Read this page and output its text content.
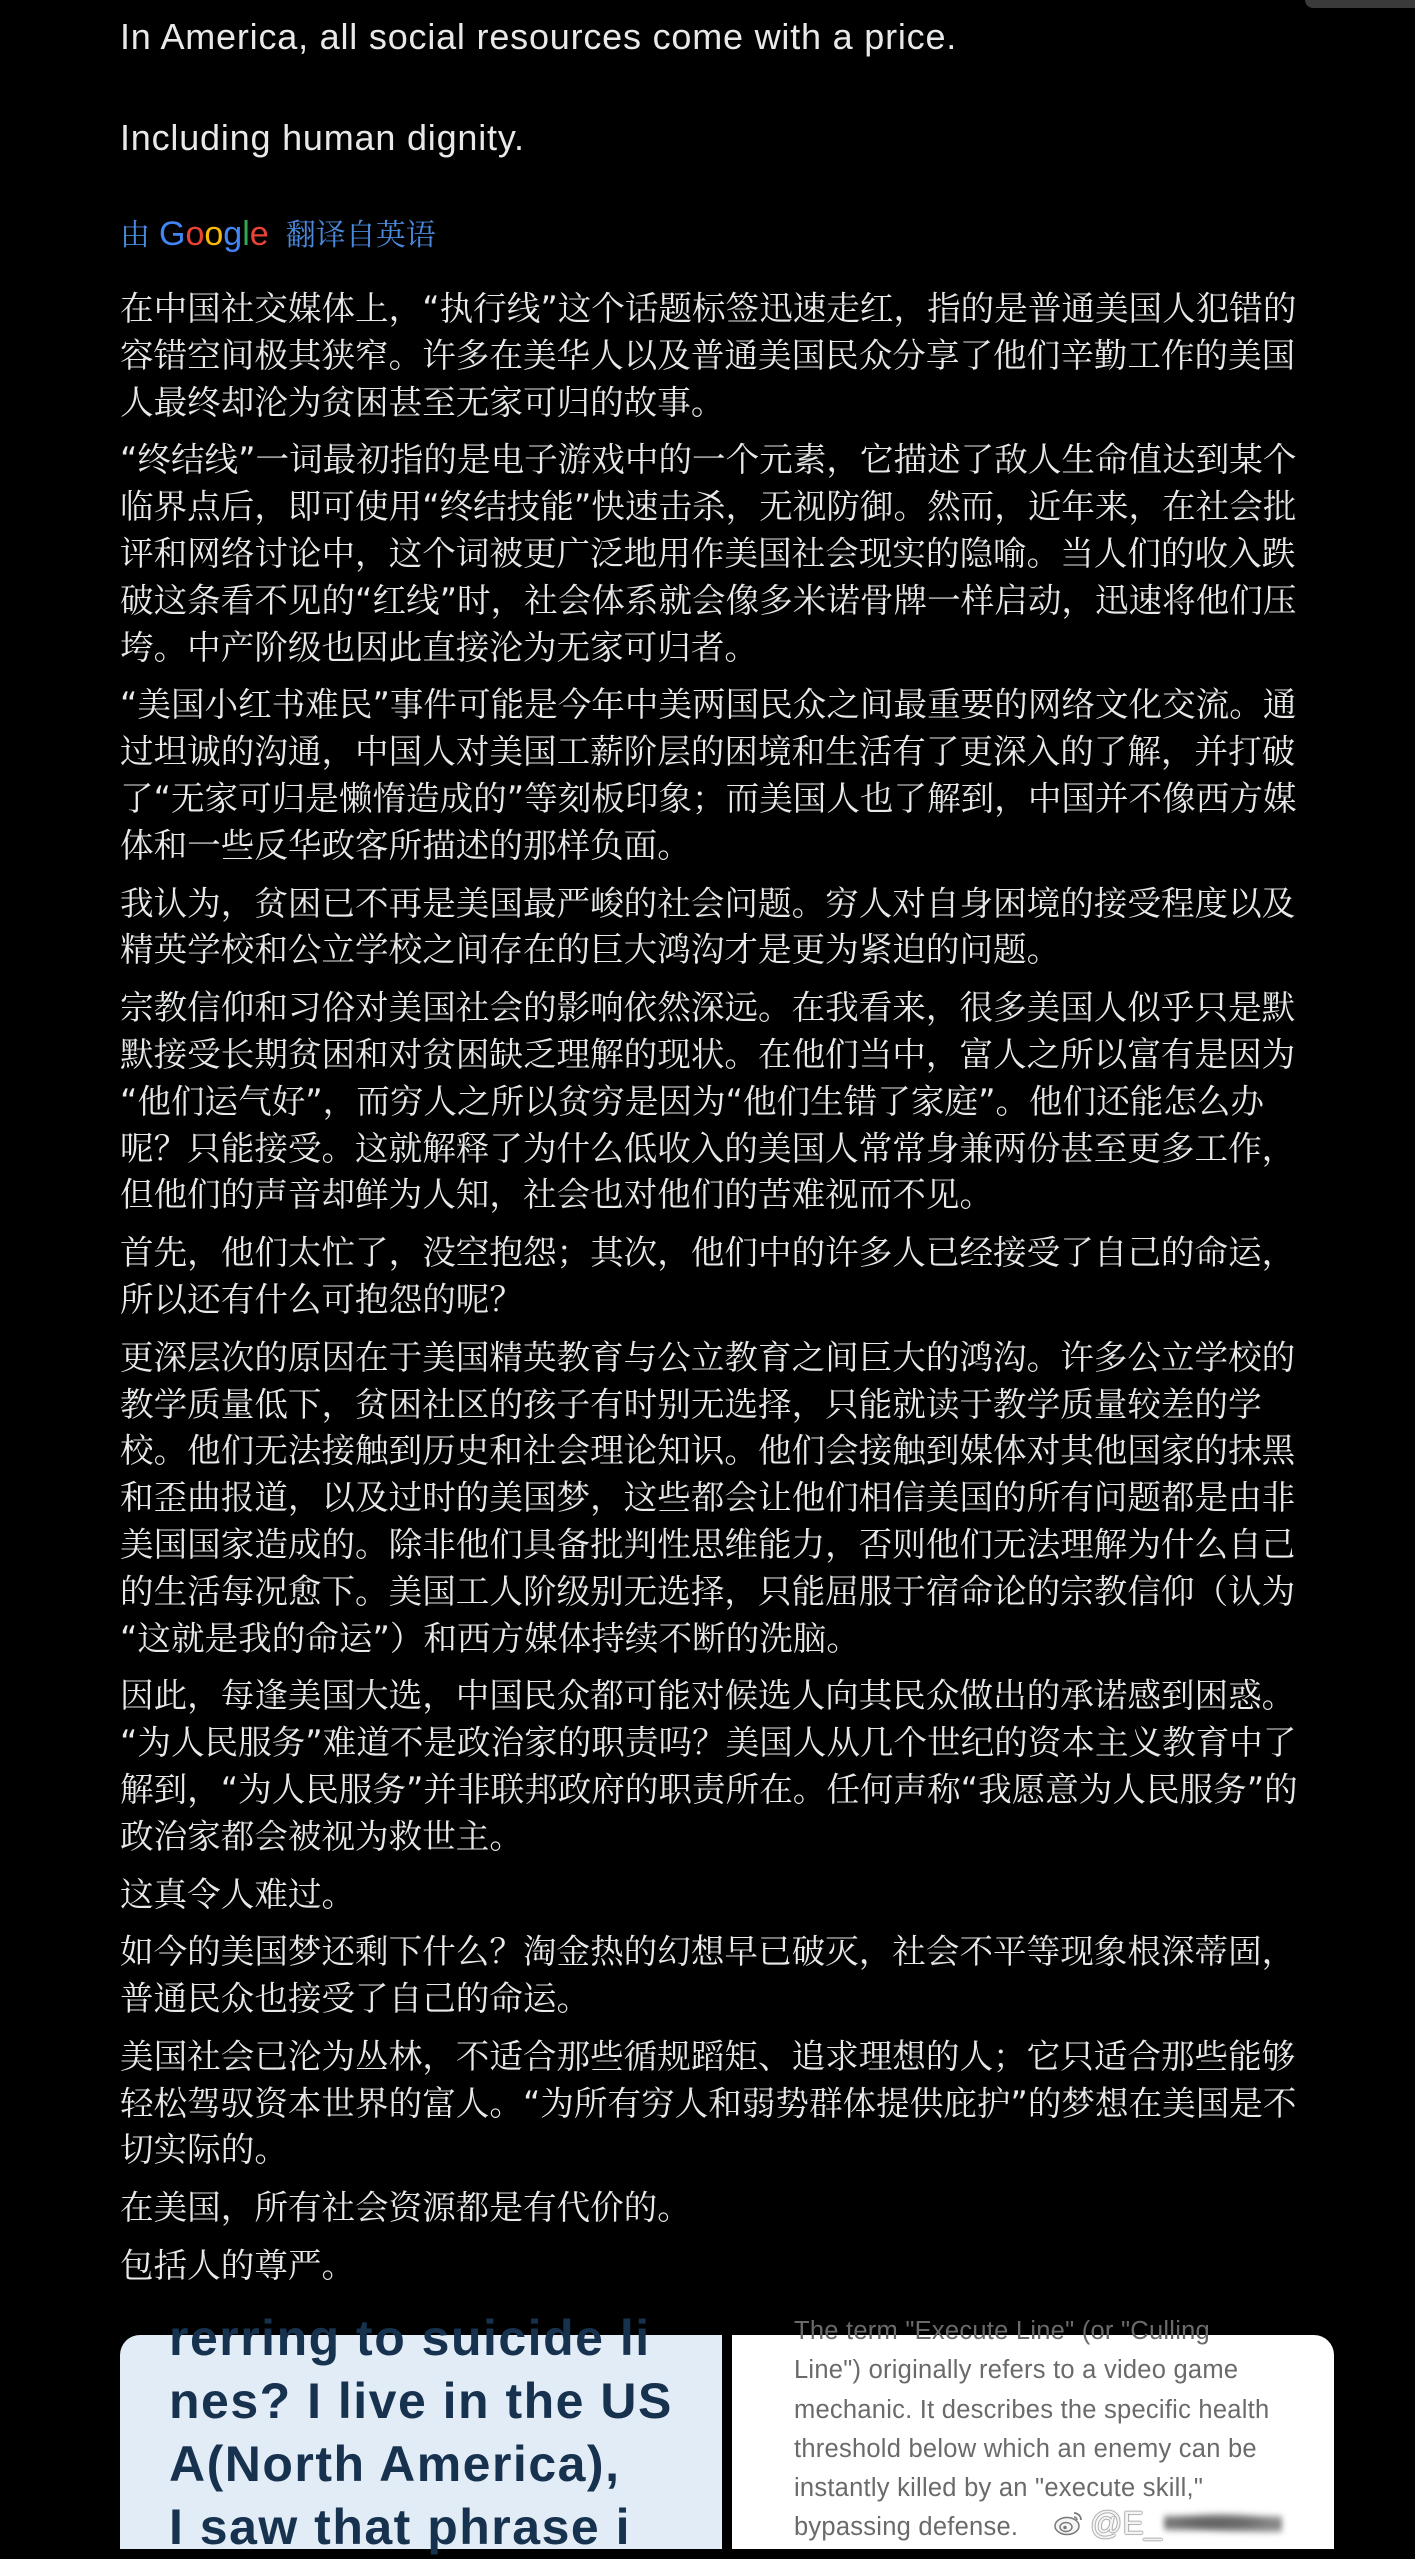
In America, all social resources come with a price.
Including human dignity.
由 Google 翻译自英语
在中国社交媒体上，“执行线”这个话题标签迅速走红，指的是普通美国人犯错的
容错空间极其狭窄。许多在美华人以及普通美国民众分享了他们辛勤工作的美国
人最终却沦为贫困甚至无家可归的故事。
“终结线”一词最初指的是电子游戏中的一个元素，它描述了敌人生命值达到某个
临界点后，即可使用“终结技能”快速击杀，无视防御。然而，近年来，在社会批
评和网络讨论中，这个词被更广泛地用作美国社会现实的隐喻。当人们的收入跌
破这条看不见的“红线”时，社会体系就会像多米诺骨牌一样启动，迅速将他们压
垮。中产阶级也因此直接沦为无家可归者。
“美国小红书难民”事件可能是今年中美两国民众之间最重要的网络文化交流。通
过坦诚的沟通，中国人对美国工薪阶层的困境和生活有了更深入的了解，并打破
了“无家可归是懒惰造成的”等刻板印象；而美国人也了解到，中国并不像西方媒
体和一些反华政客所描述的那样负面。
我认为，贫困已不再是美国最严峻的社会问题。穷人对自身困境的接受程度以及
精英学校和公立学校之间存在的巨大鸿沟才是更为紧迫的问题。
宗教信仰和习俗对美国社会的影响依然深远。在我看来，很多美国人似乎只是默
默接受长期贫困和对贫困缺乏理解的现状。在他们当中，富人之所以富有是因为
“他们运气好”，而穷人之所以贫穷是因为“他们生错了家庭”。他们还能怎么办
呢？只能接受。这就解释了为什么低收入的美国人常常身兼两份甚至更多工作，
但他们的声音却鲜为人知，社会也对他们的苦难视而不见。
首先，他们太忙了，没空抱怨；其次，他们中的许多人已经接受了自己的命运，
所以还有什么可抱怨的呢？
更深层次的原因在于美国精英教育与公立教育之间巨大的鸿沟。许多公立学校的
教学质量低下，贫困社区的孩子有时别无选择，只能就读于教学质量较差的学
校。他们无法接触到历史和社会理论知识。他们会接触到媒体对其他国家的抹黑
和歪曲报道，以及过时的美国梦，这些都会让他们相信美国的所有问题都是由非
美国国家造成的。除非他们具备批判性思维能力，否则他们无法理解为什么自己
的生活每况愈下。美国工人阶级别无选择，只能屈服于宿命论的宗教信仰（认为
“这就是我的命运”）和西方媒体持续不断的洗脑。
因此，每逢美国大选，中国民众都可能对候选人向其民众做出的承诺感到困惑。
“为人民服务”难道不是政治家的职责吗？美国人从几个世纪的资本主义教育中了
解到，“为人民服务”并非联邦政府的职责所在。任何声称“我愿意为人民服务”的
政治家都会被视为救世主。
这真令人难过。
如今的美国梦还剩下什么？淘金热的幻想早已破灭，社会不平等现象根深蒂固，
普通民众也接受了自己的命运。
美国社会已沦为丛林，不适合那些循规蹈矩、追求理想的人；它只适合那些能够
轻松驾驭资本世界的富人。“为所有穷人和弱势群体提供庇护”的梦想在美国是不
切实际的。
在美国，所有社会资源都是有代价的。
包括人的尊严。
rerring to suicide li
nes? I live in the US
A(North America),
I saw that phrase i
The term "Execute Line" (or "Culling
Line") originally refers to a video game
mechanic. It describes the specific health
threshold below which an enemy can be
instantly killed by an "execute skill,"
bypassing defense.	@E_
